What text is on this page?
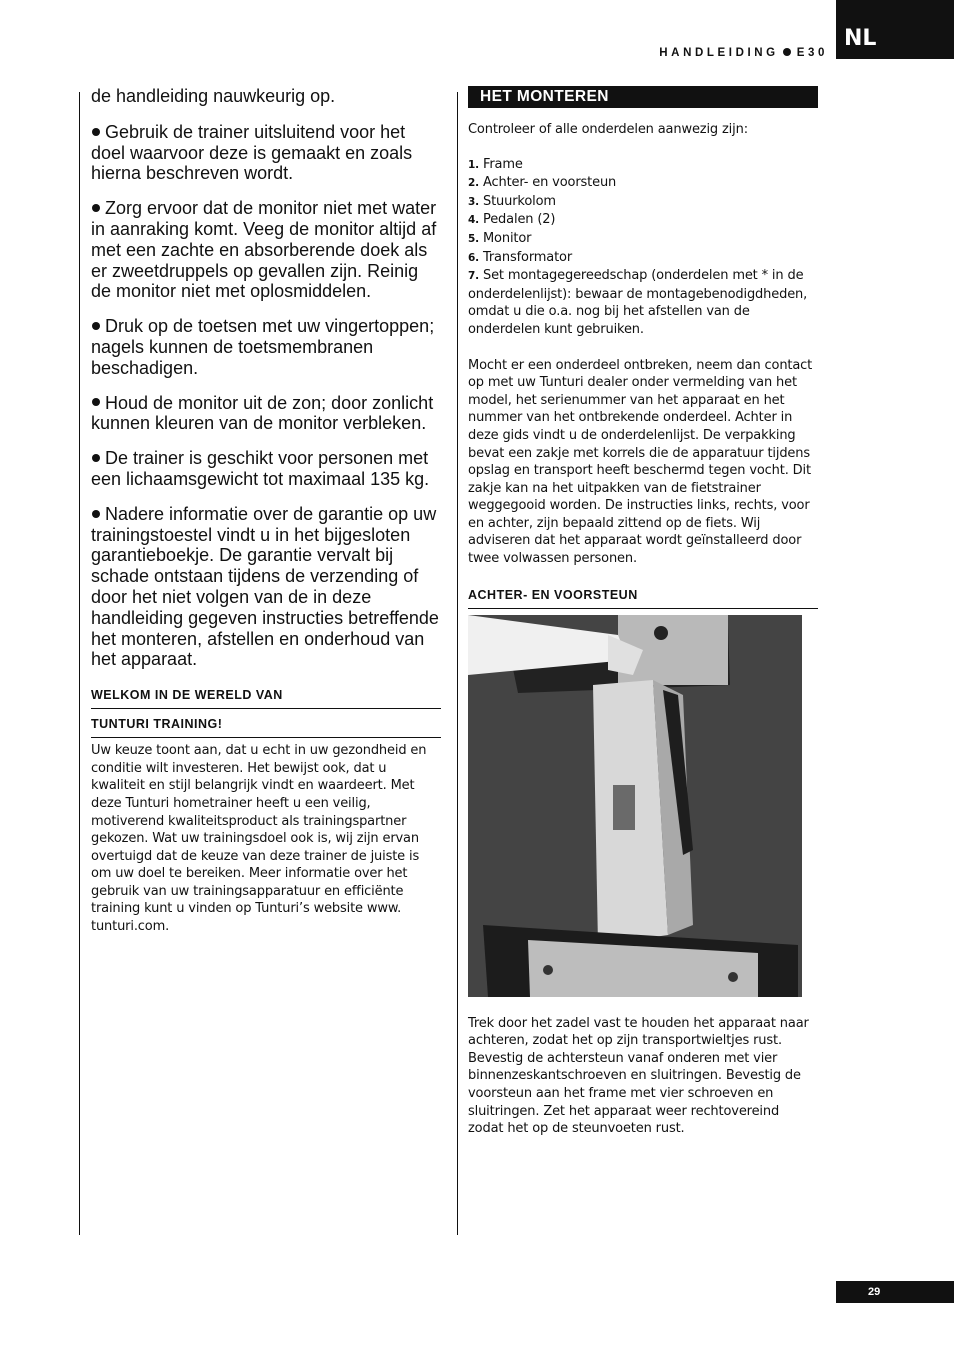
NL
HANDLEIDING E30

de handleiding nauwkeurig op.

Gebruik de trainer uitsluitend voor het doel waarvoor deze is gemaakt en zoals hierna beschreven wordt.

Zorg ervoor dat de monitor niet met water in aanraking komt. Veeg de monitor altijd af met een zachte en absorberende doek als er zweetdruppels op gevallen zijn. Reinig de monitor niet met oplosmiddelen.

Druk op de toetsen met uw vingertoppen; nagels kunnen de toetsmembranen beschadigen.

Houd de monitor uit de zon; door zonlicht kunnen kleuren van de monitor verbleken.

De trainer is geschikt voor personen met een lichaamsgewicht tot maximaal 135 kg.

Nadere informatie over de garantie op uw trainingstoestel vindt u in het bijgesloten garantieboekje. De garantie vervalt bij schade ontstaan tijdens de verzending of door het niet volgen van de in deze handleiding gegeven instructies betreffende het monteren, afstellen en onderhoud van het apparaat.

WELKOM IN DE WERELD VAN
TUNTURI TRAINING!

Uw keuze toont aan, dat u echt in uw gezondheid en conditie wilt investeren. Het bewijst ook, dat u kwaliteit en stijl belangrijk vindt en waardeert. Met deze Tunturi hometrainer heeft u een veilig, motiverend kwaliteitsproduct als trainingspartner gekozen. Wat uw trainingsdoel ook is, wij zijn ervan overtuigd dat de keuze van deze trainer de juiste is om uw doel te bereiken. Meer informatie over het gebruik van uw trainingsapparatuur en efficiënte training kunt u vinden op Tunturi’s website www. tunturi.com.

HET MONTEREN

Controleer of alle onderdelen aanwezig zijn:

1. Frame
2. Achter- en voorsteun
3. Stuurkolom
4. Pedalen (2)
5. Monitor
6. Transformator
7. Set montagegereedschap (onderdelen met * in de onderdelenlijst): bewaar de montagebenodigdheden, omdat u die o.a. nog bij het afstellen van de onderdelen kunt gebruiken.

Mocht er een onderdeel ontbreken, neem dan contact op met uw Tunturi dealer onder vermelding van het model, het serienummer van het apparaat en het nummer van het ontbrekende onderdeel. Achter in deze gids vindt u de onderdelenlijst. De verpakking bevat een zakje met korrels die de apparatuur tijdens opslag en transport heeft beschermd tegen vocht. Dit zakje kan na het uitpakken van de fietstrainer weggegooid worden. De instructies links, rechts, voor en achter, zijn bepaald zittend op de fiets. Wij adviseren dat het apparaat wordt geïnstalleerd door twee volwassen personen.

ACHTER- EN VOORSTEUN

Trek door het zadel vast te houden het apparaat naar achteren, zodat het op zijn transportwieltjes rust. Bevestig de achtersteun vanaf onderen met vier binnenzeskantschroeven en sluitringen. Bevestig de voorsteun aan het frame met vier schroeven en sluitringen. Zet het apparaat weer rechtovereind zodat het op de steunvoeten rust.

29
